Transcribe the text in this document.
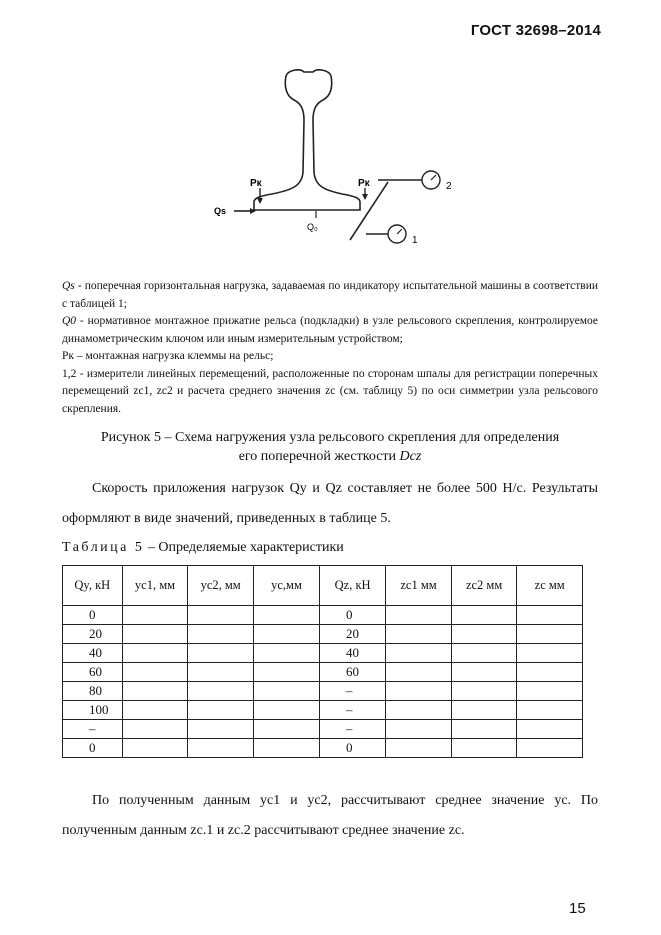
ГОСТ 32698–2014
Рк	Рк
Qs
Q₀
2
1

Qs - поперечная горизонтальная нагрузка, задаваемая по индикатору испытательной машины в соответствии с таблицей 1;

Q0 - нормативное монтажное прижатие рельса (подкладки) в узле рельсового скрепления, контролируемое динамометрическим ключом или иным измерительным устройством;

Рк – монтажная нагрузка клеммы на рельс;

1,2 - измерители линейных перемещений, расположенные по сторонам шпалы для регистрации поперечных перемещений zc1, zc2 и расчета среднего значения zc (см. таблицу 5) по оси симметрии узла рельсового скрепления.

Рисунок 5 – Схема нагружения узла рельсового скрепления для определения
его поперечной жесткости Dcz
Скорость приложения нагрузок Qy и Qz составляет не более 500 Н/с. Результаты оформляют в виде значений, приведенных в таблице 5.
Таблица 5 – Определяемые характеристики
Qy, кН	yc1, мм	yc2, мм	yc,мм	Qz, кН	zc1 мм	zc2 мм	zc мм
0				0			
20				20			
40				40			
60				60			
80				–			
100				–			
–				–			
0				0			
По полученным данным yc1 и yc2, рассчитывают среднее значение yc. По полученным данным zc.1 и zc.2 рассчитывают среднее значение zc.
15
